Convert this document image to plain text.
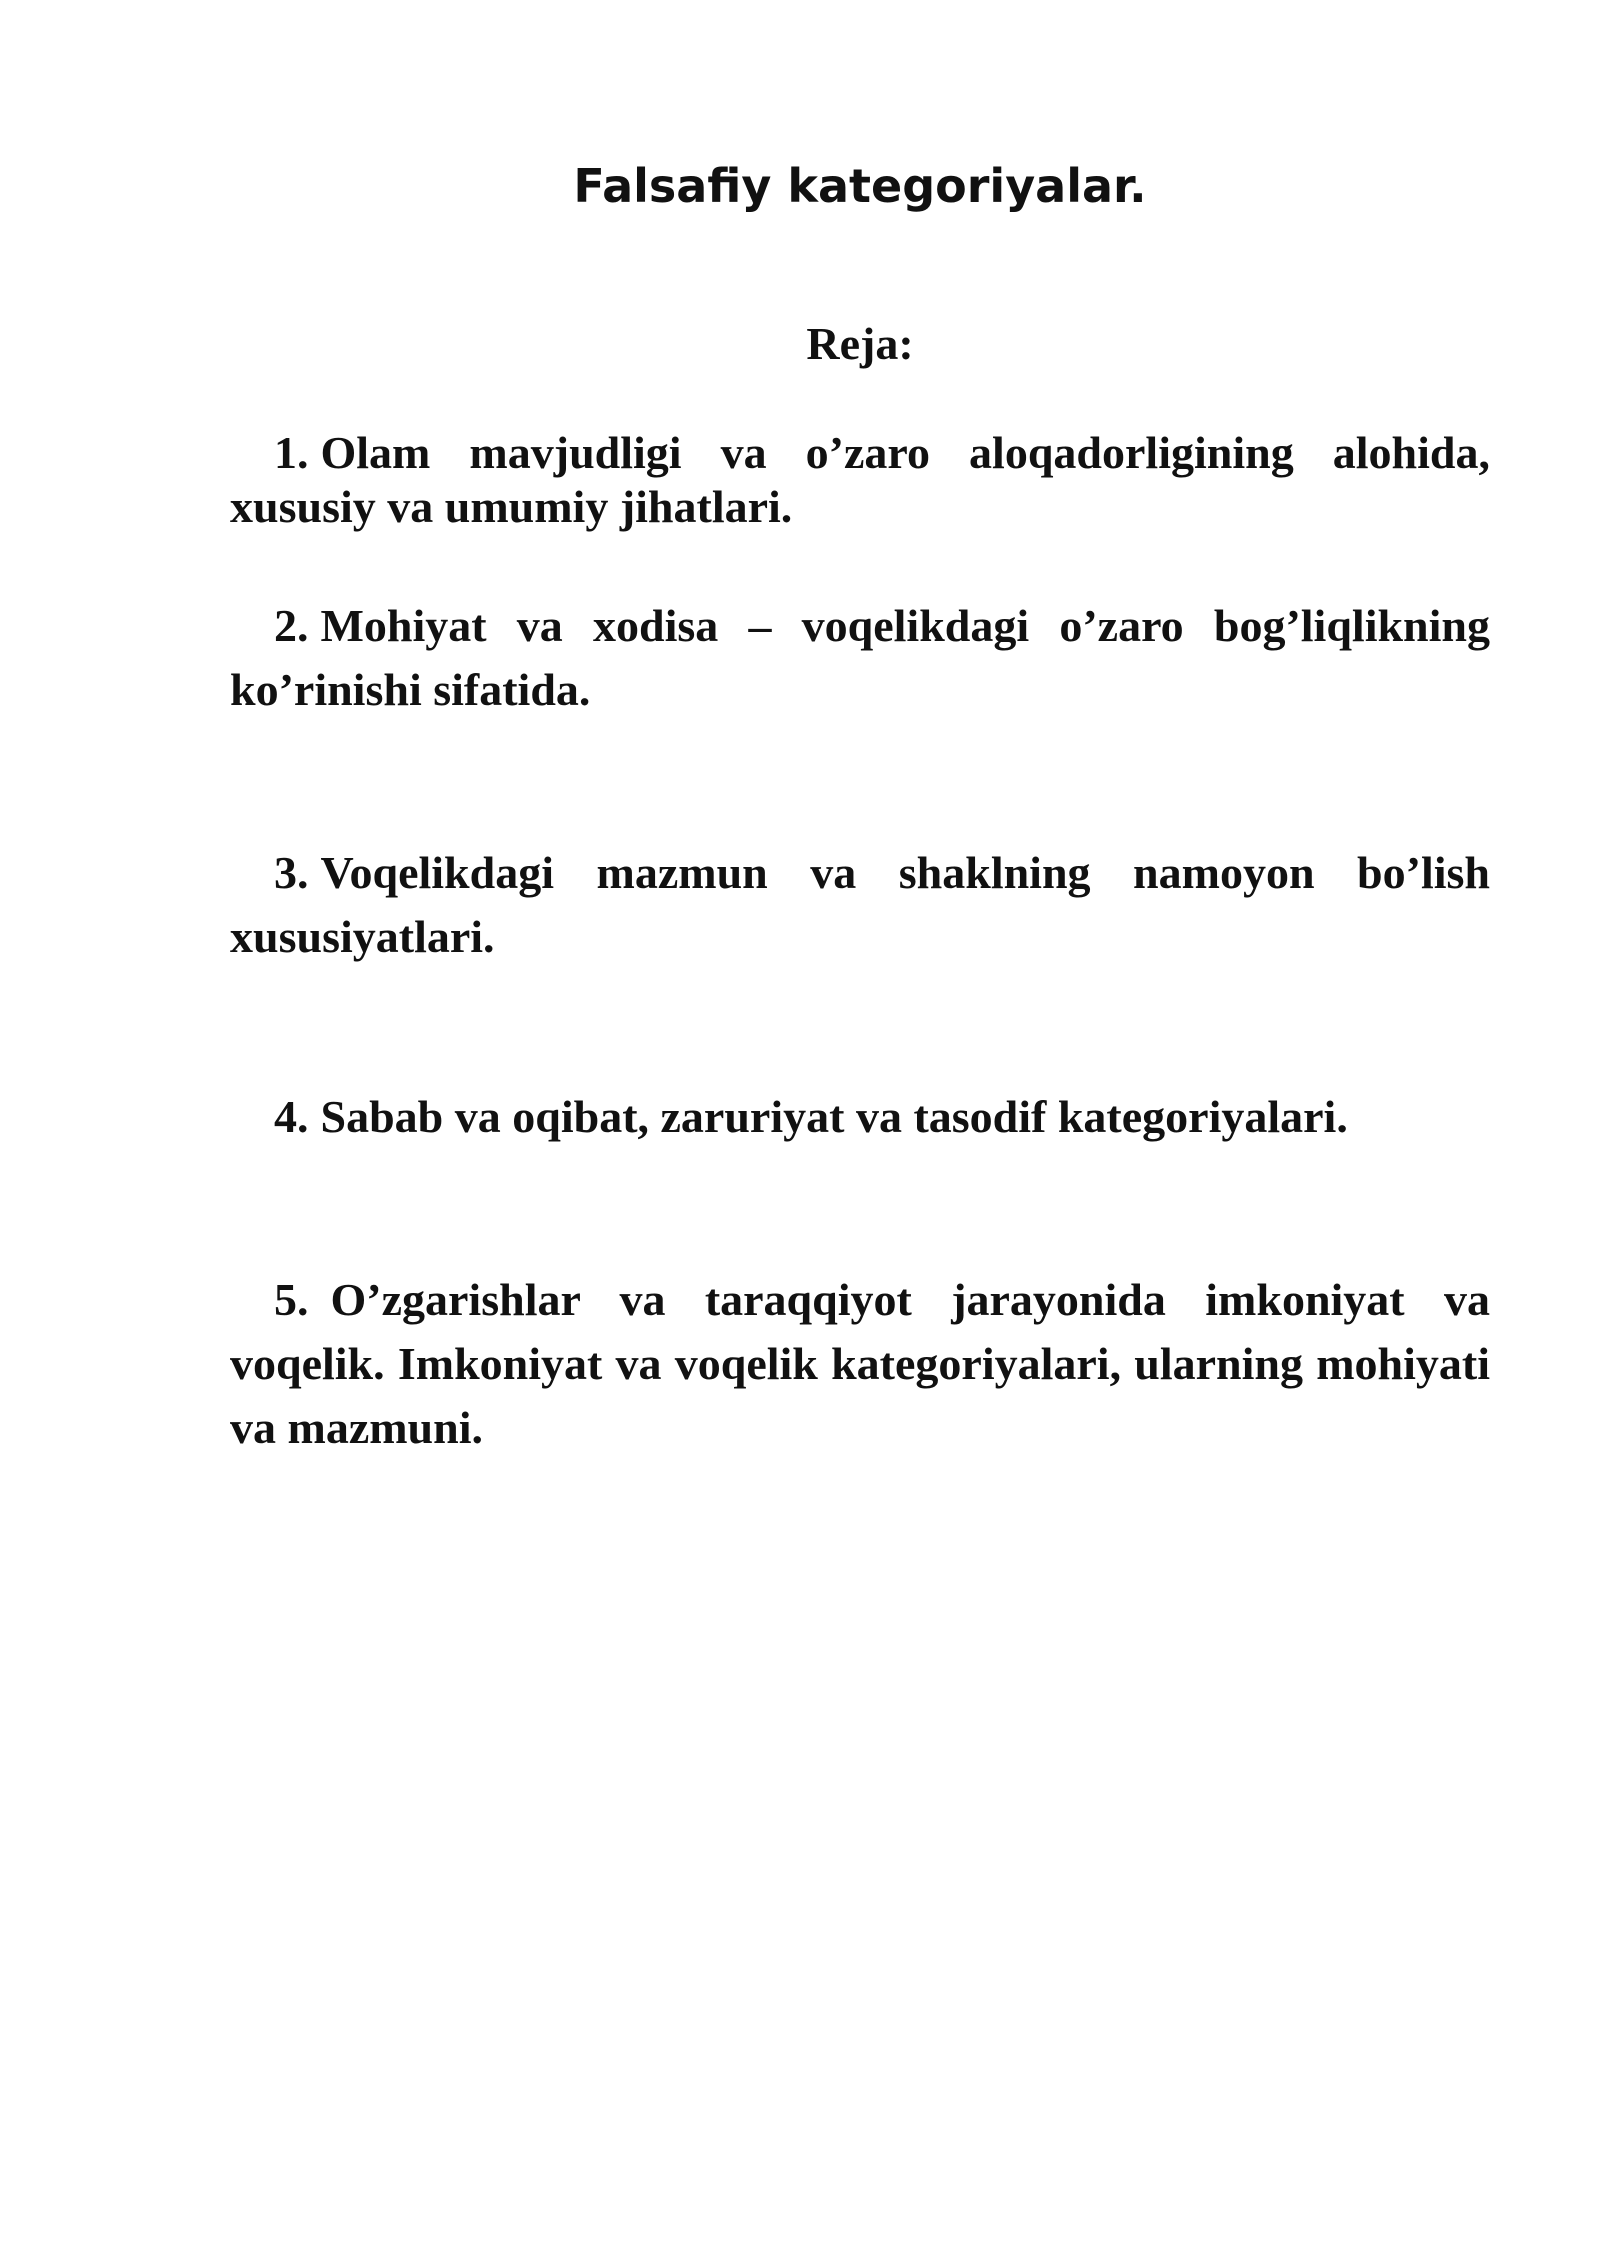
Falsafiy kategoriyalar.
Reja:

1. Olam mavjudligi va o’zaro aloqadorligining alohida, xususiy va umumiy jihatlari.

2. Mohiyat va xodisa – voqelikdagi o’zaro bog’liqlikning ko’rinishi sifatida.

3. Voqelikdagi mazmun va shaklning namoyon bo’lish xususiyatlari.

4. Sabab va oqibat, zaruriyat va tasodif kategoriyalari.

5. O’zgarishlar va taraqqiyot jarayonida imkoniyat va voqelik. Imkoniyat va voqelik kategoriyalari, ularning mohiyati va mazmuni.
